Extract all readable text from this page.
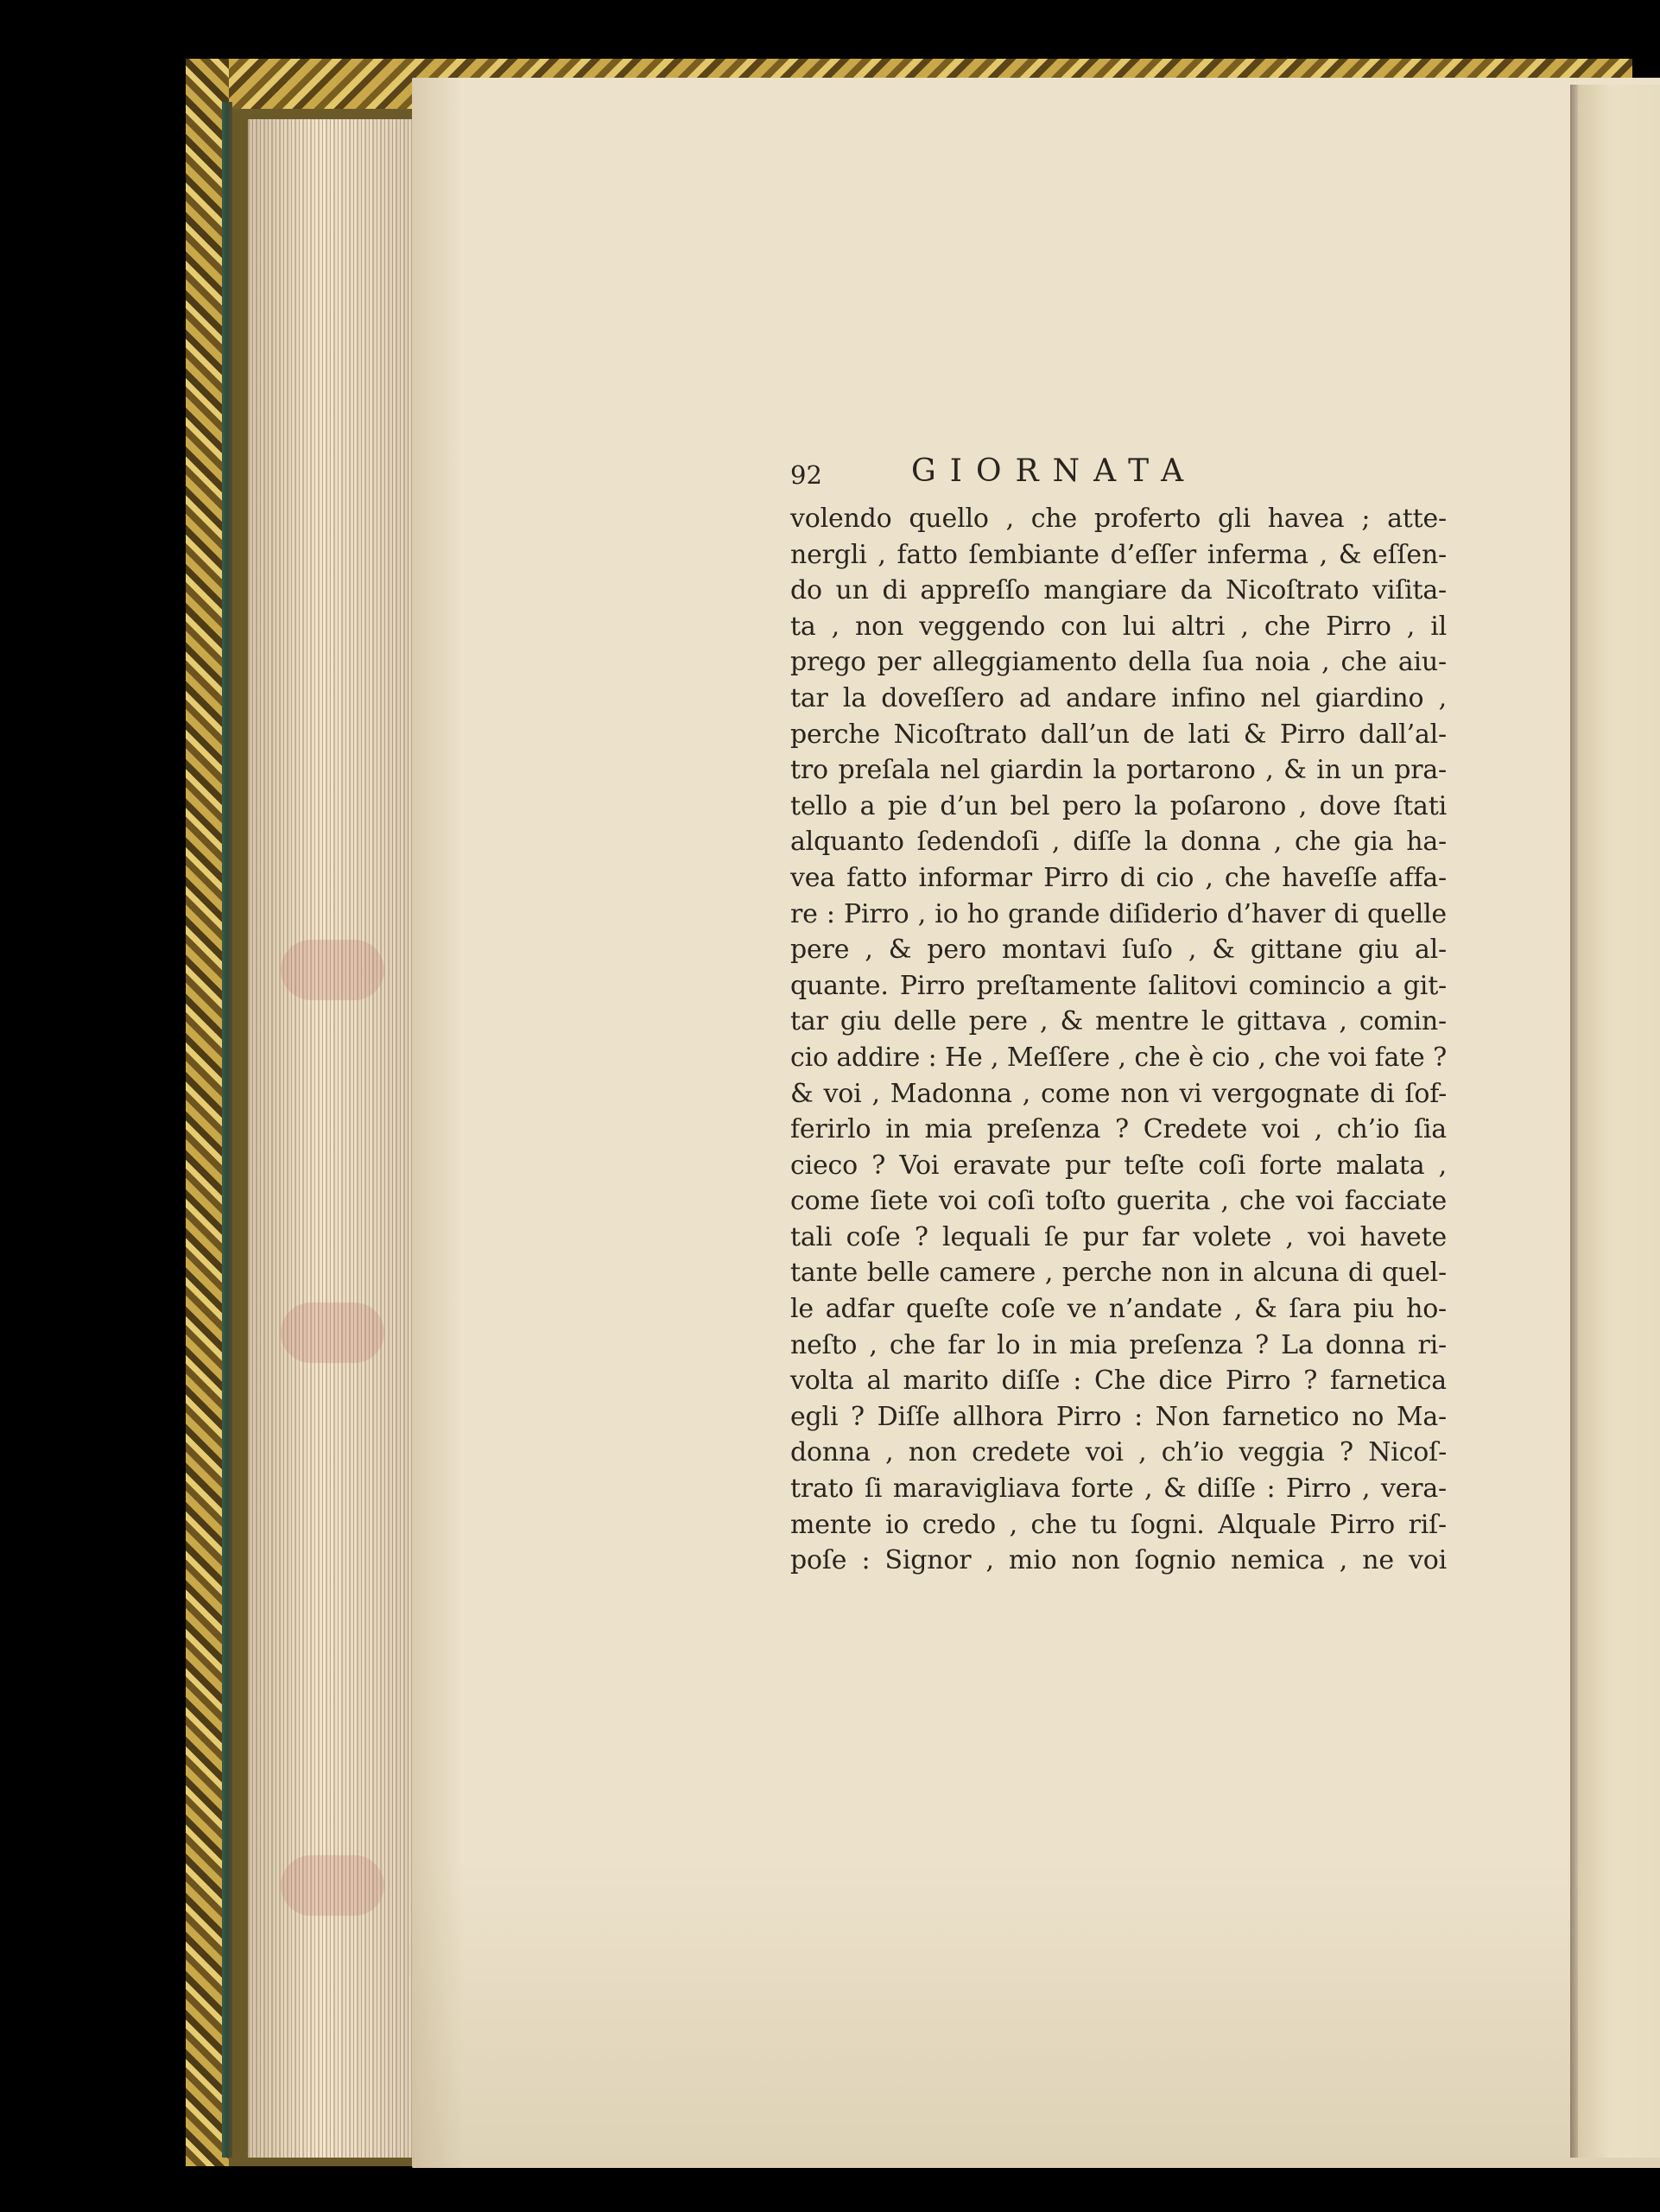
92	GIORNATA
volendo quello , che proferto gli havea ; atte-
nergli , fatto ſembiante d’eſſer inferma , & eſſen-
do un di appreſſo mangiare da Nicoſtrato viſita-
ta , non veggendo con lui altri , che Pirro , il
prego per alleggiamento della ſua noia , che aiu-
tar la doveſſero ad andare infino nel giardino ,
perche Nicoſtrato dall’un de lati & Pirro dall’al-
tro preſala nel giardin la portarono , & in un pra-
tello a pie d’un bel pero la poſarono , dove ſtati
alquanto ſedendoſi , diſſe la donna , che gia ha-
vea fatto informar Pirro di cio , che haveſſe affa-
re : Pirro , io ho grande diſiderio d’haver di quelle
pere , & pero montavi ſuſo , & gittane giu al-
quante. Pirro preſtamente ſalitovi comincio a git-
tar giu delle pere , & mentre le gittava , comin-
cio addire : He , Meſſere , che è cio , che voi fate ?
& voi , Madonna , come non vi vergognate di ſof-
ferirlo in mia preſenza ? Credete voi , ch’io ſia
cieco ? Voi eravate pur teſte coſi forte malata ,
come ſiete voi coſi toſto guerita , che voi facciate
tali coſe ? lequali ſe pur far volete , voi havete
tante belle camere , perche non in alcuna di quel-
le adfar queſte coſe ve n’andate , & ſara piu ho-
neſto , che far lo in mia preſenza ? La donna ri-
volta al marito diſſe : Che dice Pirro ? farnetica
egli ? Diſſe allhora Pirro : Non farnetico no Ma-
donna , non credete voi , ch’io veggia ? Nicoſ-
trato ſi maravigliava forte , & diſſe : Pirro , vera-
mente io credo , che tu ſogni. Alquale Pirro riſ-
poſe : Signor , mio non ſognio nemica , ne voi
